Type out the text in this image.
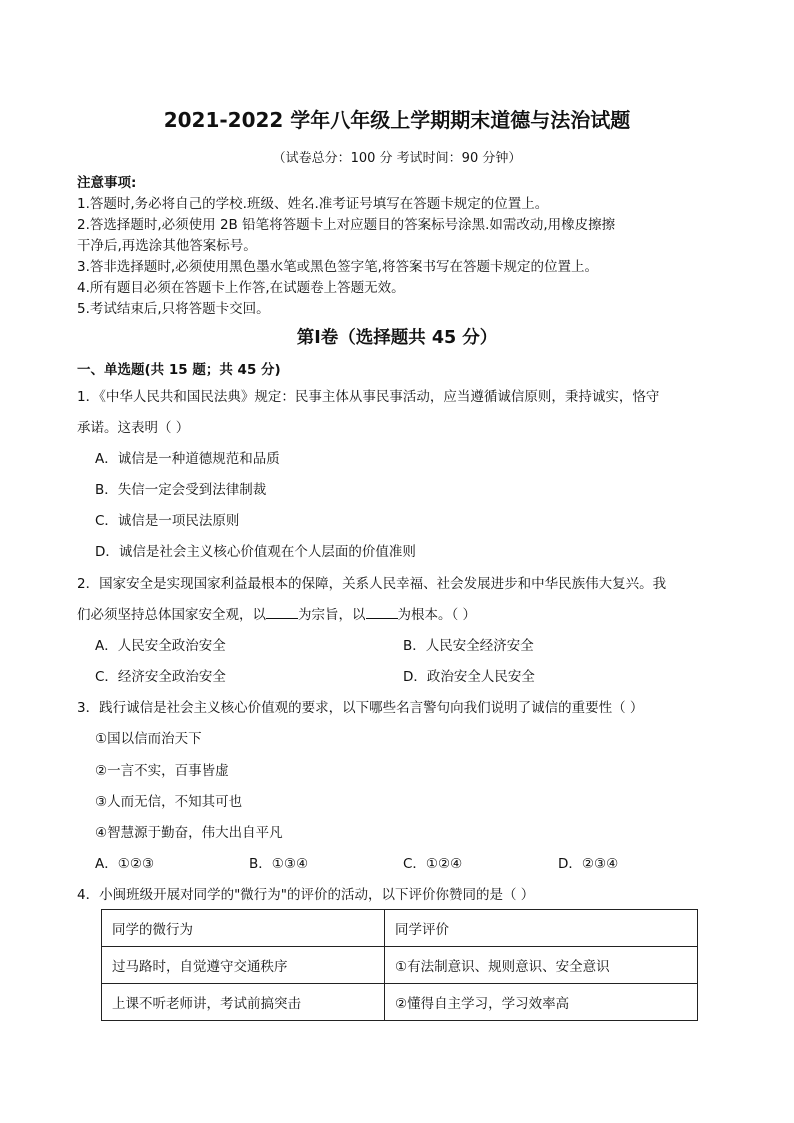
2021-2022 学年八年级上学期期末道德与法治试题
（试卷总分：100 分 考试时间：90 分钟）
注意事项:
1.答题时,务必将自己的学校.班级、姓名.准考证号填写在答题卡规定的位置上。
2.答选择题时,必须使用 2B 铅笔将答题卡上对应题目的答案标号涂黑.如需改动,用橡皮擦擦
干净后,再选涂其他答案标号。
3.答非选择题时,必须使用黑色墨水笔或黑色签字笔,将答案书写在答题卡规定的位置上。
4.所有题目必须在答题卡上作答,在试题卷上答题无效。
5.考试结束后,只将答题卡交回。
第Ⅰ卷（选择题共 45 分）
一、单选题(共 15 题；共 45 分)
1．《中华人民共和国民法典》规定：民事主体从事民事活动，应当遵循诚信原则，秉持诚实，恪守
承诺。这表明（ ）
A．诚信是一种道德规范和品质
B．失信一定会受到法律制裁
C．诚信是一项民法原则
D．诚信是社会主义核心价值观在个人层面的价值准则
2．国家安全是实现国家利益最根本的保障，关系人民幸福、社会发展进步和中华民族伟大复兴。我
们必须坚持总体国家安全观，以 为宗旨，以 为根本。（ ）
A．人民安全政治安全	B．人民安全经济安全
C．经济安全政治安全	D．政治安全人民安全
3．践行诚信是社会主义核心价值观的要求，以下哪些名言警句向我们说明了诚信的重要性（ ）
①国以信而治天下
②一言不实，百事皆虚
③人而无信，不知其可也
④智慧源于勤奋，伟大出自平凡
A．①②③	B．①③④	C．①②④	D．②③④
4．小闽班级开展对同学的"微行为"的评价的活动，以下评价你赞同的是（ ）
同学的微行为	同学评价
过马路时，自觉遵守交通秩序	①有法制意识、规则意识、安全意识
上课不听老师讲，考试前搞突击	②懂得自主学习，学习效率高
